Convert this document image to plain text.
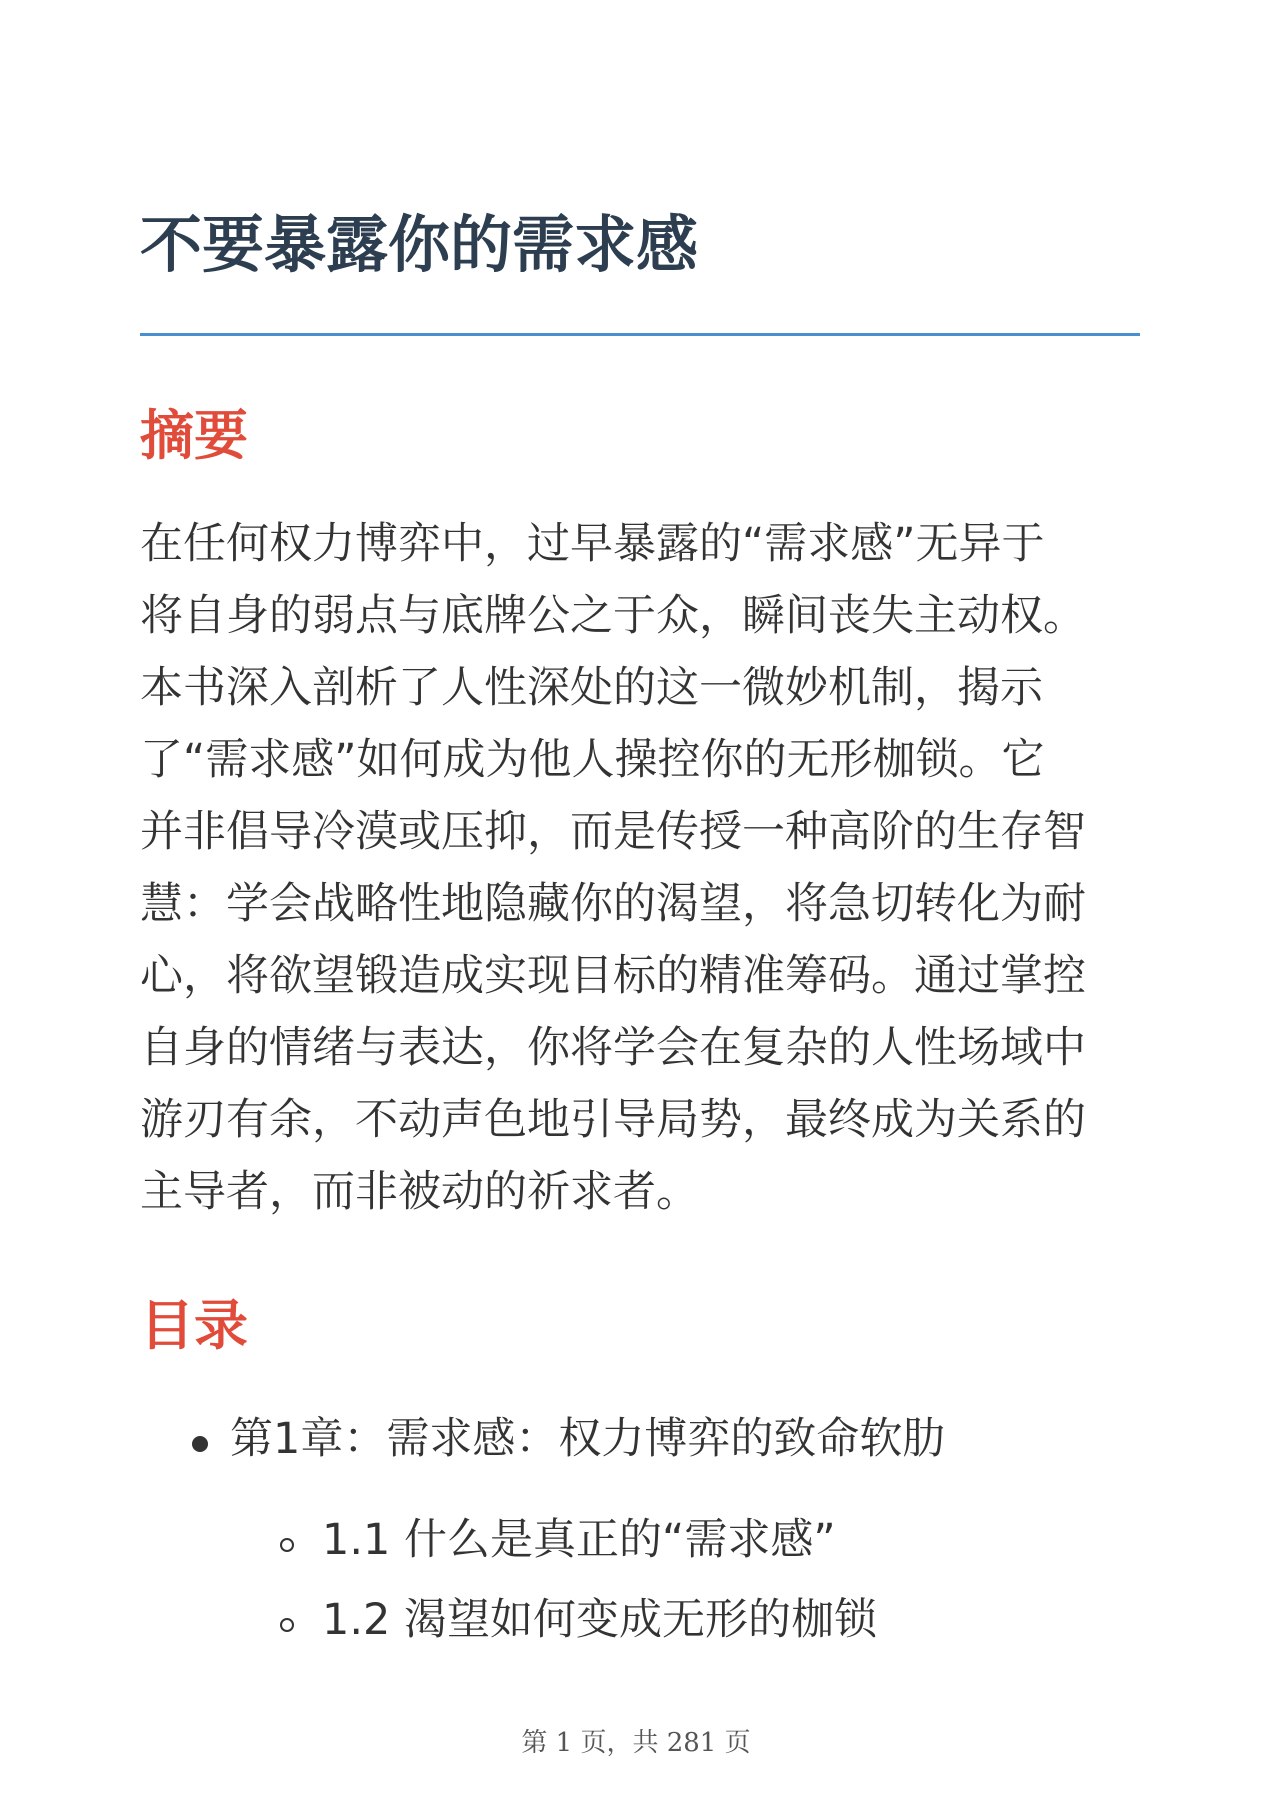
不要暴露你的需求感
摘要

在任何权力博弈中，过早暴露的“需求感”无异于
将自身的弱点与底牌公之于众，瞬间丧失主动权。
本书深入剖析了人性深处的这一微妙机制，揭示
了“需求感”如何成为他人操控你的无形枷锁。它
并非倡导冷漠或压抑，而是传授一种高阶的生存智
慧：学会战略性地隐藏你的渴望，将急切转化为耐
心，将欲望锻造成实现目标的精准筹码。通过掌控
自身的情绪与表达，你将学会在复杂的人性场域中
游刃有余，不动声色地引导局势，最终成为关系的
主导者，而非被动的祈求者。

目录
第1章：需求感：权力博弈的致命软肋
1.1 什么是真正的“需求感”
1.2 渴望如何变成无形的枷锁
第 1 页，共 281 页
